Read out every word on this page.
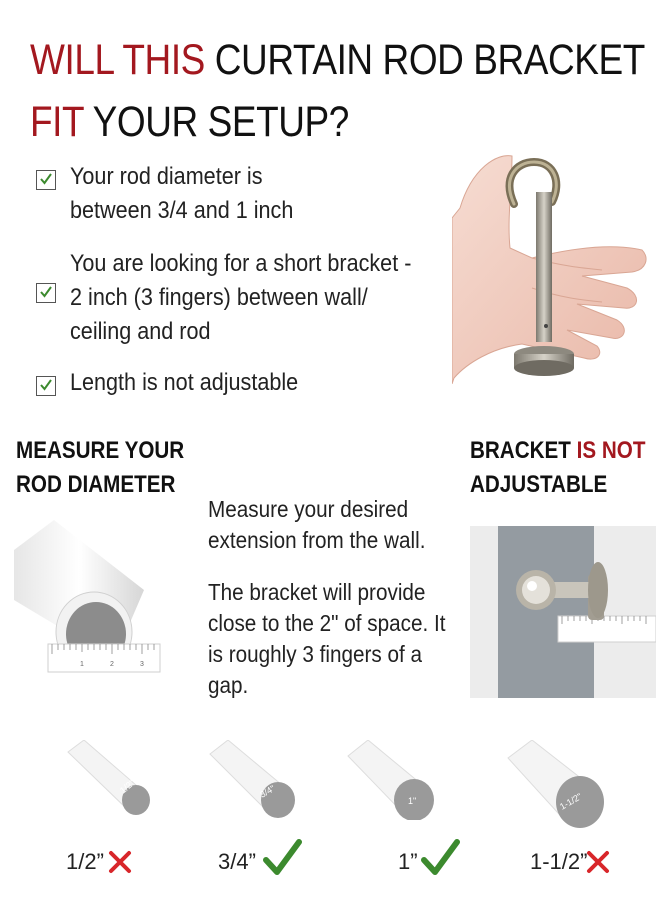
WILL THIS CURTAIN ROD BRACKET
FIT YOUR SETUP?
Your rod diameter is
between 3/4 and 1 inch
You are looking for a short bracket -
2 inch (3 fingers) between wall/
ceiling and rod
Length is not adjustable
MEASURE YOUR
ROD DIAMETER
BRACKET IS NOT
ADJUSTABLE
Measure your desired
extension from the wall.
The bracket will provide
close to the 2" of space. It
is roughly 3 fingers of a
gap.
1	2	3
1/2"	3/4"
1"	1-1/2"
1/2”	3/4”	1”	1-1/2”
